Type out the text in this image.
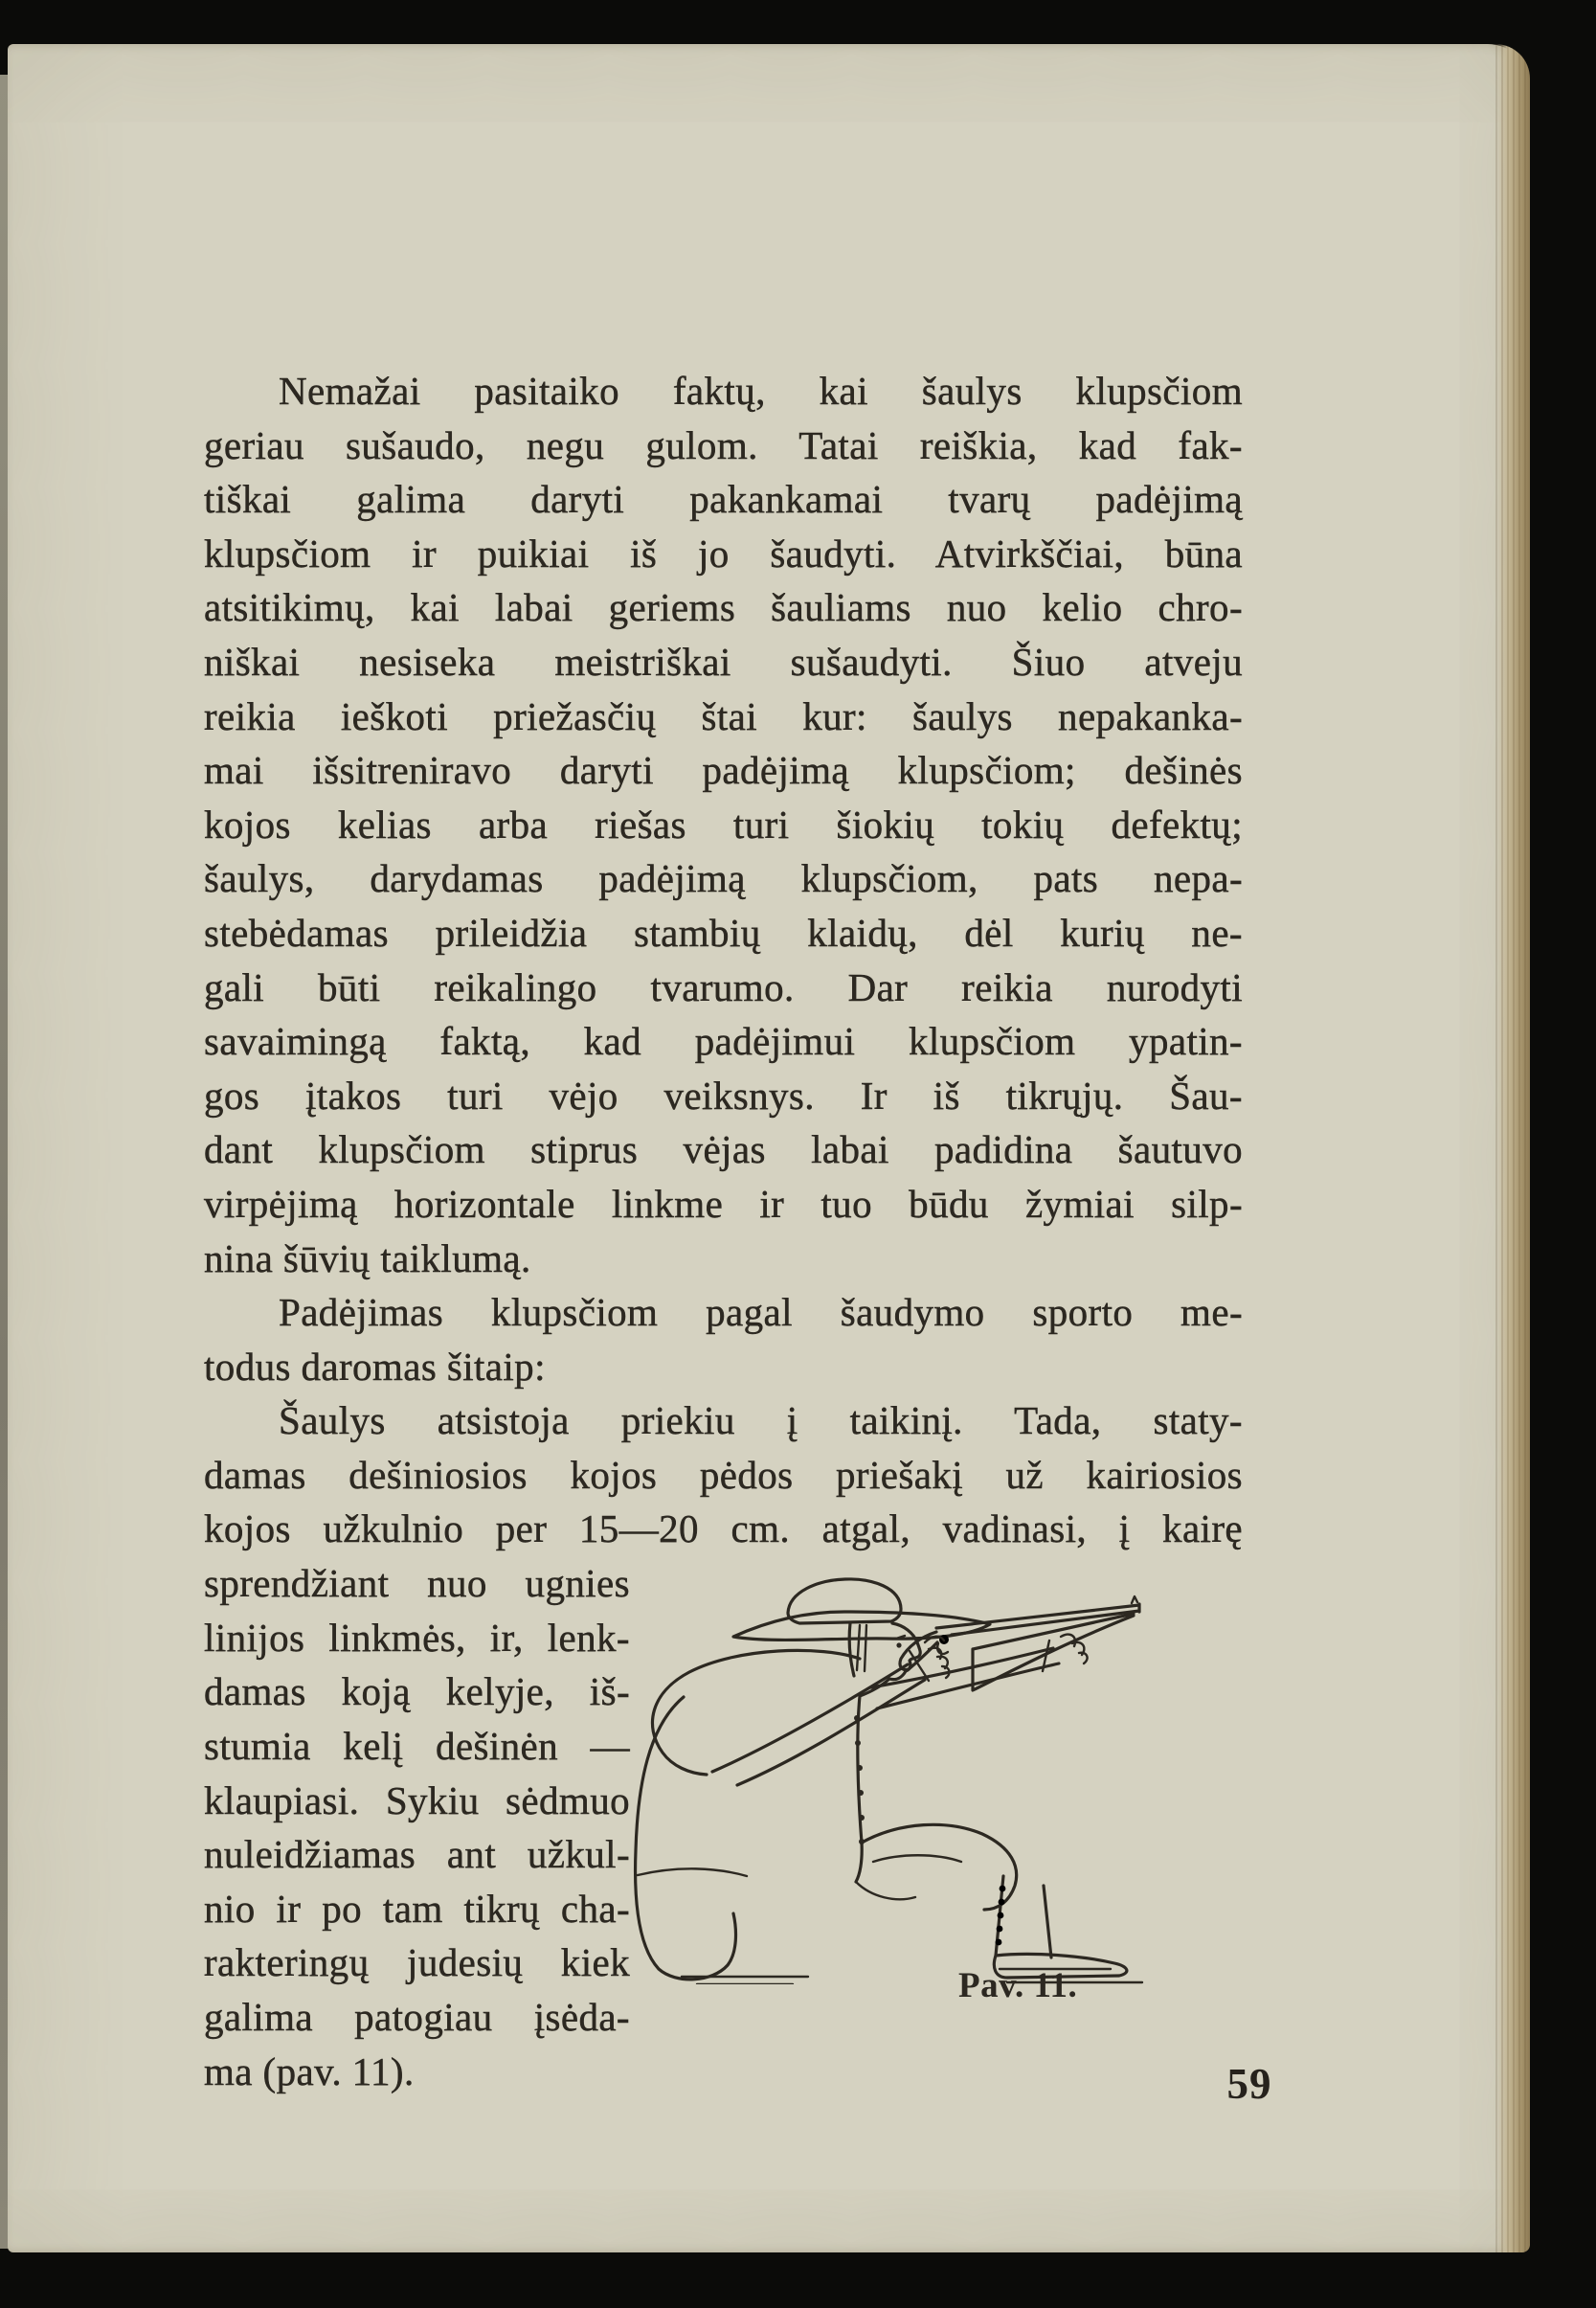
Nemažai pasitaiko faktų, kai šaulys klupsčiom
geriau sušaudo, negu gulom. Tatai reiškia, kad fak-
tiškai galima daryti pakankamai tvarų padėjimą
klupsčiom ir puikiai iš jo šaudyti. Atvirkščiai, būna
atsitikimų, kai labai geriems šauliams nuo kelio chro-
niškai nesiseka meistriškai sušaudyti. Šiuo atveju
reikia ieškoti priežasčių štai kur: šaulys nepakanka-
mai išsitreniravo daryti padėjimą klupsčiom; dešinės
kojos kelias arba riešas turi šiokių tokių defektų;
šaulys, darydamas padėjimą klupsčiom, pats nepa-
stebėdamas prileidžia stambių klaidų, dėl kurių ne-
gali būti reikalingo tvarumo. Dar reikia nurodyti
savaimingą faktą, kad padėjimui klupsčiom ypatin-
gos įtakos turi vėjo veiksnys. Ir iš tikrųjų. Šau-
dant klupsčiom stiprus vėjas labai padidina šautuvo
virpėjimą horizontale linkme ir tuo būdu žymiai silp-
nina šūvių taiklumą.
Padėjimas klupsčiom pagal šaudymo sporto me-
todus daromas šitaip:
Šaulys atsistoja priekiu į taikinį. Tada, staty-
damas dešiniosios kojos pėdos priešakį už kairiosios
kojos užkulnio per 15—20 cm. atgal, vadinasi, į kairę
sprendžiant nuo ugnies
linijos linkmės, ir, lenk-
damas koją kelyje, iš-
stumia kelį dešinėn —
klaupiasi. Sykiu sėdmuo
nuleidžiamas ant užkul-
nio ir po tam tikrų cha-
rakteringų judesių kiek
galima patogiau įsėda-
ma (pav. 11).
Pav. 11.
59
